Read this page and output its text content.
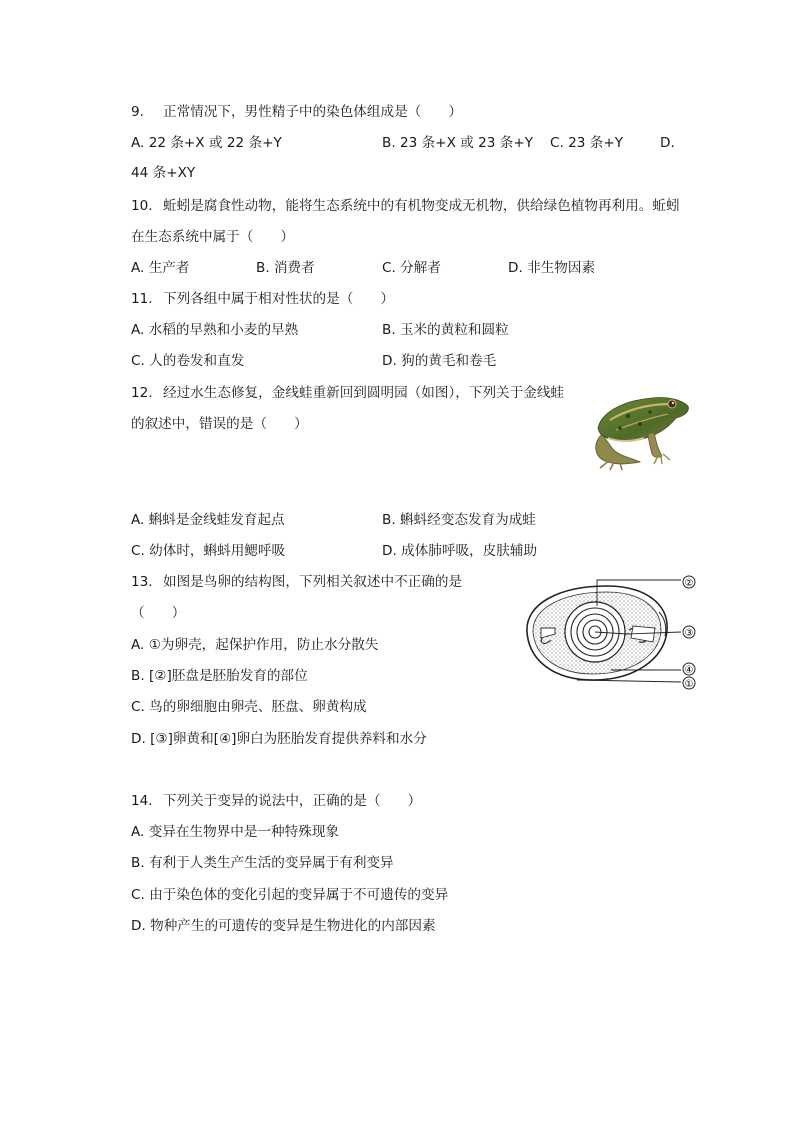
9. 正常情况下，男性精子中的染色体组成是（　　）
A. 22 条+X 或 22 条+Y	B. 23 条+X 或 23 条+Y C. 23 条+Y	D.
44 条+XY
10. 蚯蚓是腐食性动物，能将生态系统中的有机物变成无机物，供给绿色植物再利用。蚯蚓
在生态系统中属于（　　）
A. 生产者	B. 消费者	C. 分解者	D. 非生物因素
11. 下列各组中属于相对性状的是（　　）
A. 水稻的早熟和小麦的早熟	B. 玉米的黄粒和圆粒
C. 人的卷发和直发	D. 狗的黄毛和卷毛
12. 经过水生态修复，金线蛙重新回到圆明园（如图），下列关于金线蛙
的叙述中，错误的是（　　）
A. 蝌蚪是金线蛙发育起点	B. 蝌蚪经变态发育为成蛙
C. 幼体时，蝌蚪用鳃呼吸	D. 成体肺呼吸，皮肤辅助
13. 如图是鸟卵的结构图，下列相关叙述中不正确的是
（　　）
A. ①为卵壳，起保护作用，防止水分散失
B. [②]胚盘是胚胎发育的部位
C. 鸟的卵细胞由卵壳、胚盘、卵黄构成
D. [③]卵黄和[④]卵白为胚胎发育提供养料和水分
②
③
④
①
14. 下列关于变异的说法中，正确的是（　　）
A. 变异在生物界中是一种特殊现象
B. 有利于人类生产生活的变异属于有利变异
C. 由于染色体的变化引起的变异属于不可遗传的变异
D. 物种产生的可遗传的变异是生物进化的内部因素
